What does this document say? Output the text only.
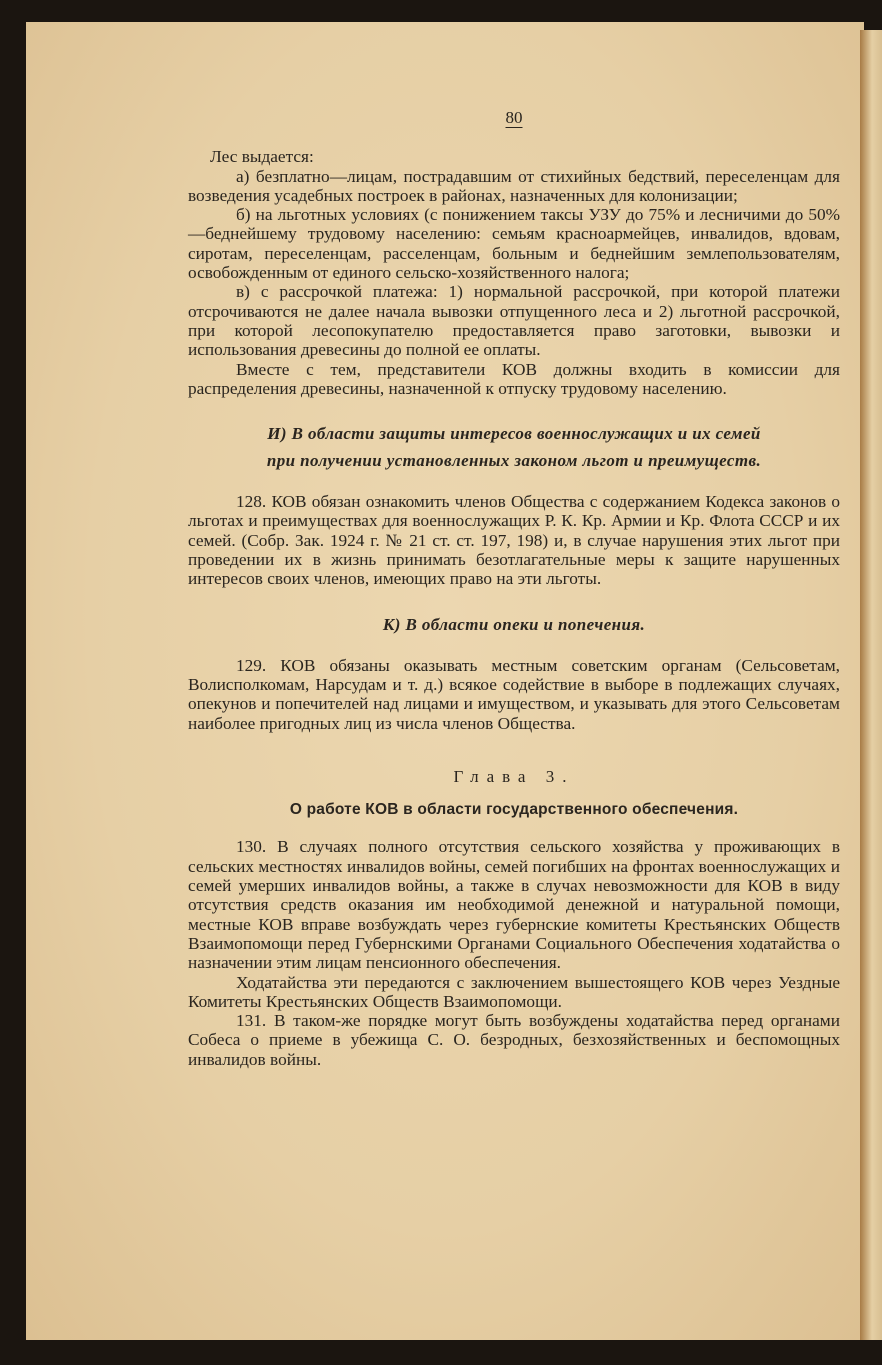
80

Лес выдается:

а) безплатно—лицам, пострадавшим от стихийных бедствий, переселенцам для возведения усадебных построек в районах, назначенных для колонизации;

б) на льготных условиях (с понижением таксы УЗУ до 75% и лесничими до 50%—беднейшему трудовому населению: семьям красноармейцев, инвалидов, вдовам, сиротам, переселенцам, расселенцам, больным и беднейшим землепользователям, освобожденным от единого сельско-хозяйственного налога;

в) с рассрочкой платежа: 1) нормальной рассрочкой, при которой платежи отсрочиваются не далее начала вывозки отпущенного леса и 2) льготной рассрочкой, при которой лесопокупателю предоставляется право заготовки, вывозки и использования древесины до полной ее оплаты.

Вместе с тем, представители КОВ должны входить в комиссии для распределения древесины, назначенной к отпуску трудовому населению.

И) В области защиты интересов военнослужащих и их семей
при получении установленных законом льгот и преимуществ.

128. КОВ обязан ознакомить членов Общества с содержанием Кодекса законов о льготах и преимуществах для военнослужащих Р. К. Кр. Армии и Кр. Флота СССР и их семей. (Собр. Зак. 1924 г. № 21 ст. ст. 197, 198) и, в случае нарушения этих льгот при проведении их в жизнь принимать безотлагательные меры к защите нарушенных интересов своих членов, имеющих право на эти льготы.

К) В области опеки и попечения.

129. КОВ обязаны оказывать местным советским органам (Сельсоветам, Волисполкомам, Нарсудам и т. д.) всякое содействие в выборе в подлежащих случаях, опекунов и попечителей над лицами и имуществом, и указывать для этого Сельсоветам наиболее пригодных лиц из числа членов Общества.

Глава 3.
О работе КОВ в области государственного обеспечения.

130. В случаях полного отсутствия сельского хозяйства у проживающих в сельских местностях инвалидов войны, семей погибших на фронтах военнослужащих и семей умерших инвалидов войны, а также в случах невозможности для КОВ в виду отсутствия средств оказания им необходимой денежной и натуральной помощи, местные КОВ вправе возбуждать через губернские комитеты Крестьянских Обществ Взаимопомощи перед Губернскими Органами Социального Обеспечения ходатайства о назначении этим лицам пенсионного обеспечения.

Ходатайства эти передаются с заключением вышестоящего КОВ через Уездные Комитеты Крестьянских Обществ Взаимопомощи.

131. В таком-же порядке могут быть возбуждены ходатайства перед органами Собеса о приеме в убежища С. О. безродных, безхозяйственных и беспомощных инвалидов войны.
